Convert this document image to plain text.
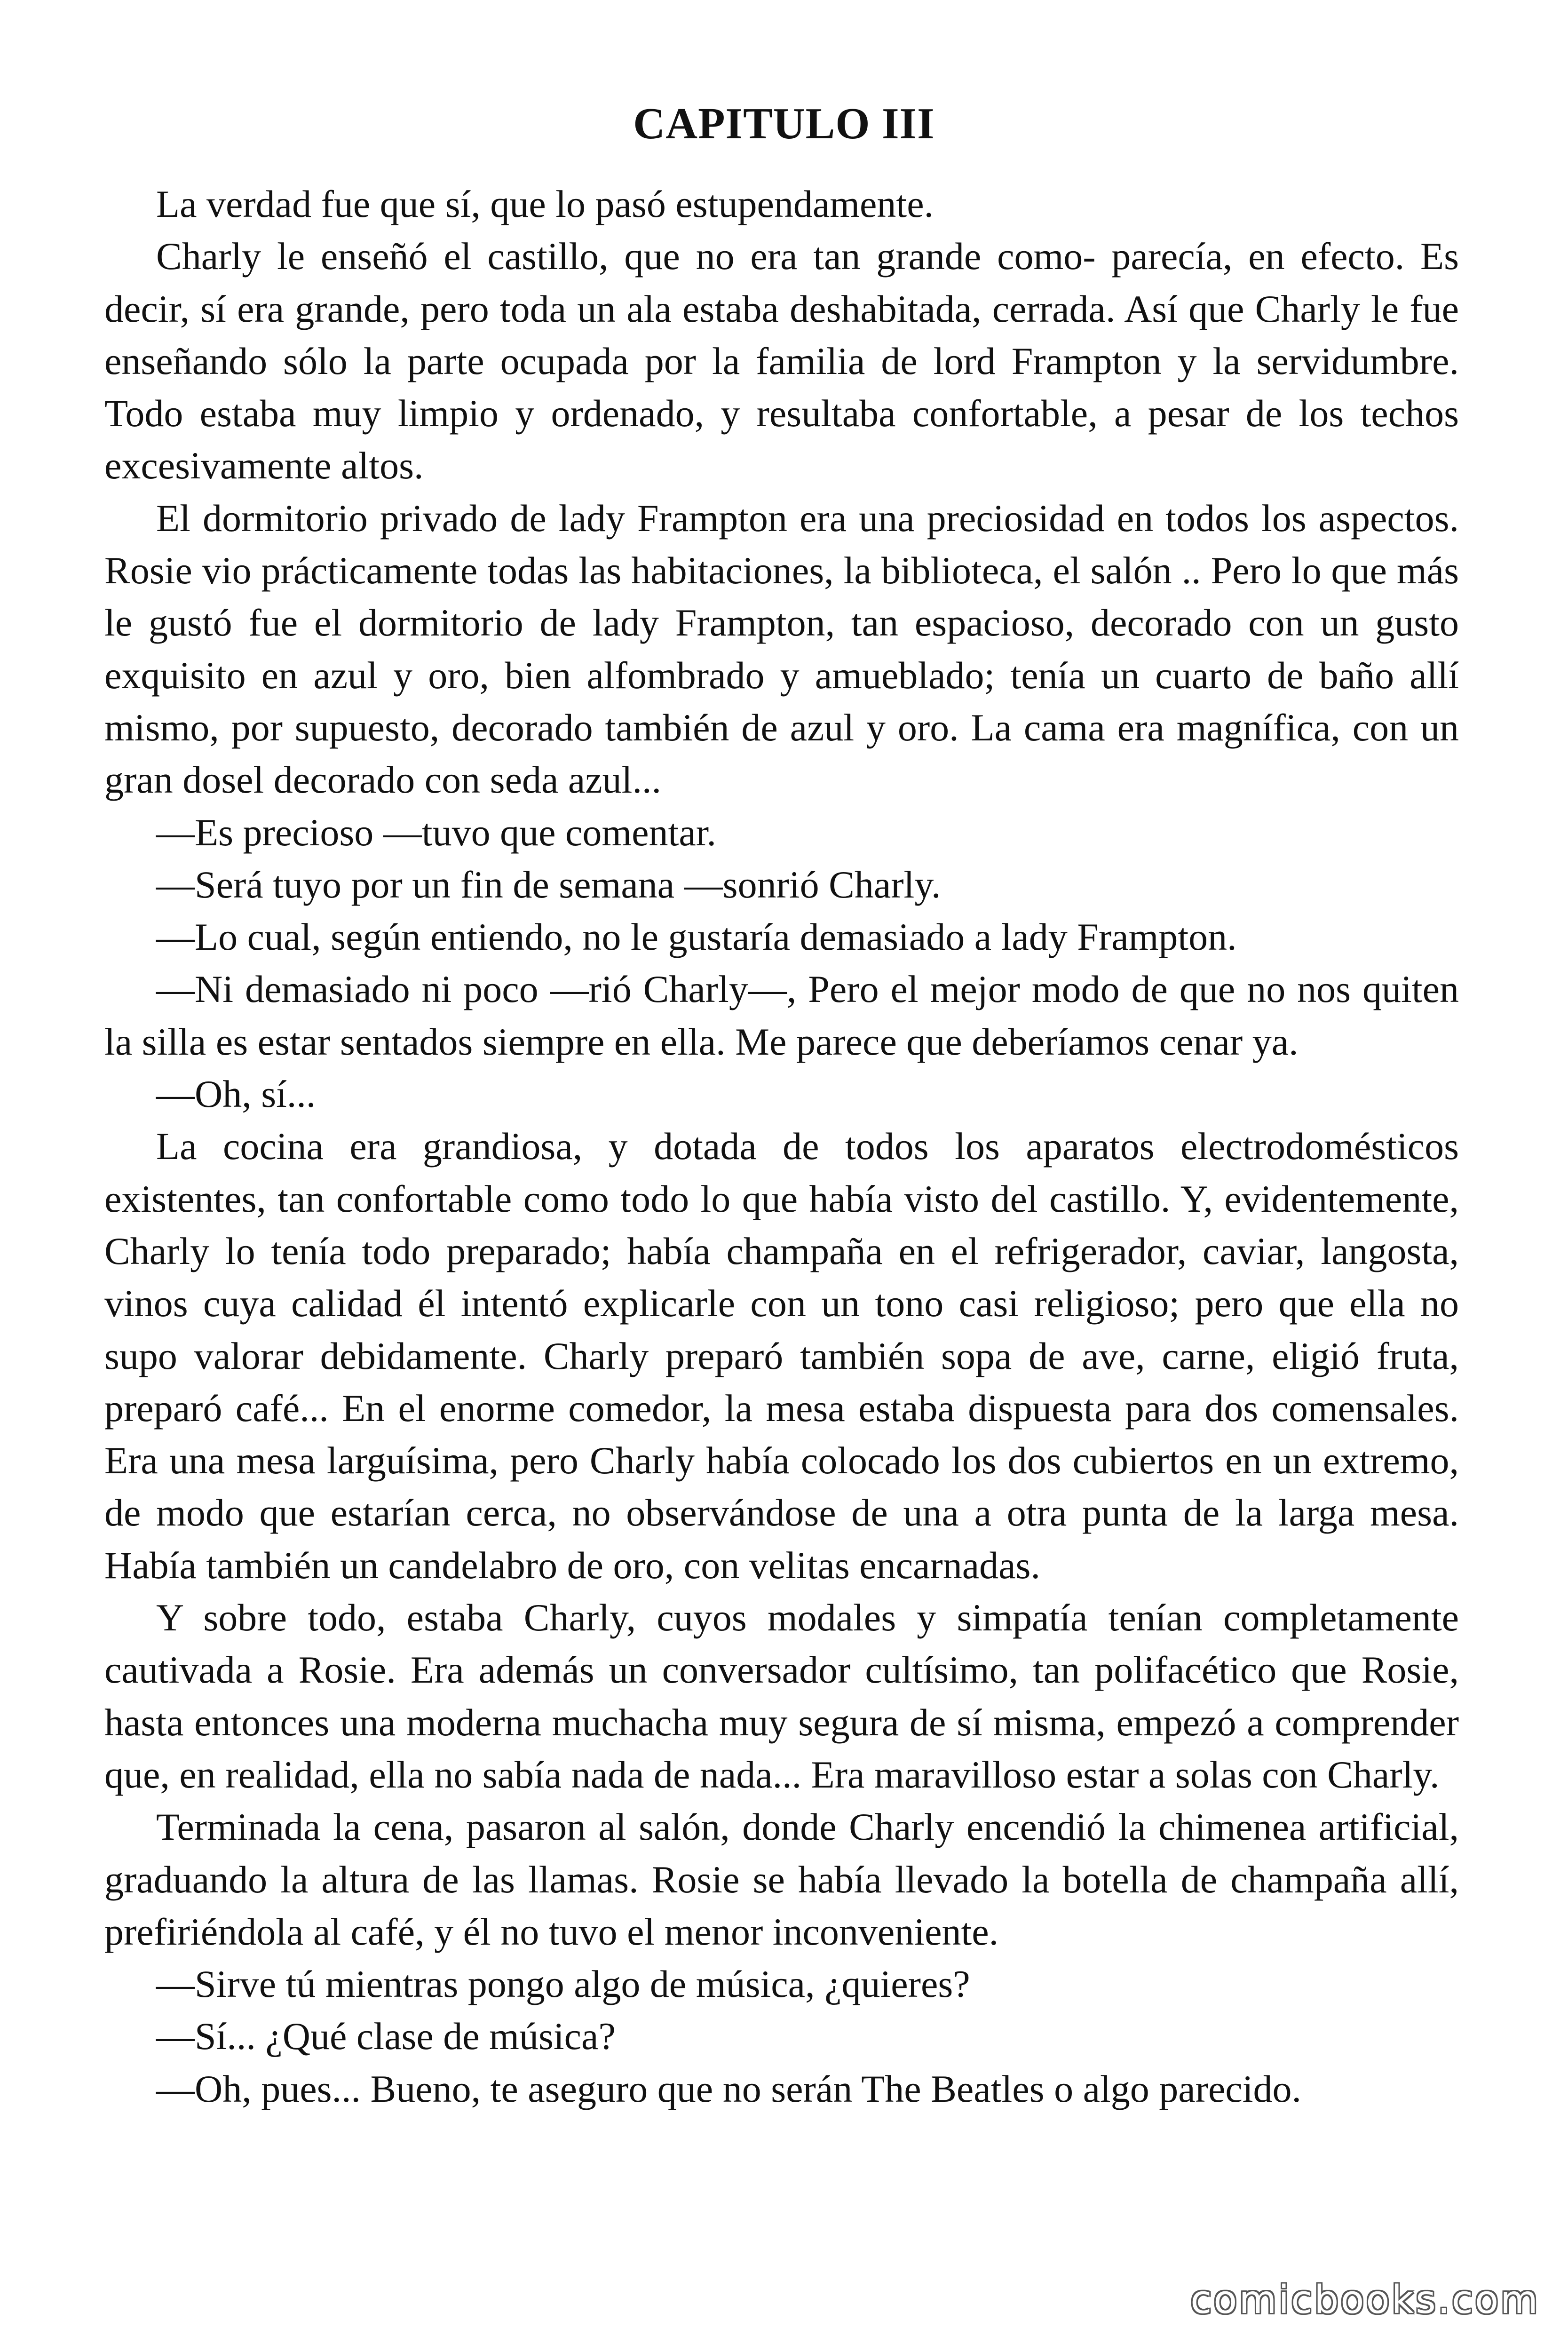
CAPITULO III

La verdad fue que sí, que lo pasó estupendamente.

Charly le enseñó el castillo, que no era tan grande como- parecía, en efecto. Es decir, sí era grande, pero toda un ala estaba deshabitada, cerrada. Así que Charly le fue enseñando sólo la parte ocupada por la familia de lord Frampton y la servidumbre. Todo estaba muy limpio y ordenado, y resultaba confortable, a pesar de los techos excesivamente altos.

El dormitorio privado de lady Frampton era una preciosidad en todos los aspectos. Rosie vio prácticamente todas las habitaciones, la biblioteca, el salón .. Pero lo que más le gustó fue el dormitorio de lady Frampton, tan espacioso, decorado con un gusto exquisito en azul y oro, bien alfombrado y amueblado; tenía un cuarto de baño allí mismo, por supuesto, decorado también de azul y oro. La cama era magnífica, con un gran dosel decorado con seda azul...

—Es precioso —tuvo que comentar.

—Será tuyo por un fin de semana —sonrió Charly.

—Lo cual, según entiendo, no le gustaría demasiado a lady Frampton.

—Ni demasiado ni poco —rió Charly—, Pero el mejor modo de que no nos quiten la silla es estar sentados siempre en ella. Me parece que deberíamos cenar ya.

—Oh, sí...

La cocina era grandiosa, y dotada de todos los aparatos electrodomésticos existentes, tan confortable como todo lo que había visto del castillo. Y, evidentemente, Charly lo tenía todo preparado; había champaña en el refrigerador, caviar, langosta, vinos cuya calidad él intentó explicarle con un tono casi religioso; pero que ella no supo valorar debidamente. Charly preparó también sopa de ave, carne, eligió fruta, preparó café... En el enorme comedor, la mesa estaba dispuesta para dos comensales. Era una mesa larguísima, pero Charly había colocado los dos cubiertos en un extremo, de modo que estarían cerca, no observándose de una a otra punta de la larga mesa. Había también un candelabro de oro, con velitas encarnadas.

Y sobre todo, estaba Charly, cuyos modales y simpatía tenían completamente cautivada a Rosie. Era además un conversador cultísimo, tan polifacético que Rosie, hasta entonces una moderna muchacha muy segura de sí misma, empezó a comprender que, en realidad, ella no sabía nada de nada... Era maravilloso estar a solas con Charly.

Terminada la cena, pasaron al salón, donde Charly encendió la chimenea artificial, graduando la altura de las llamas. Rosie se había llevado la botella de champaña allí, prefiriéndola al café, y él no tuvo el menor inconveniente.

—Sirve tú mientras pongo algo de música, ¿quieres?

—Sí... ¿Qué clase de música?

—Oh, pues... Bueno, te aseguro que no serán The Beatles o algo parecido.

comicbooks.com
